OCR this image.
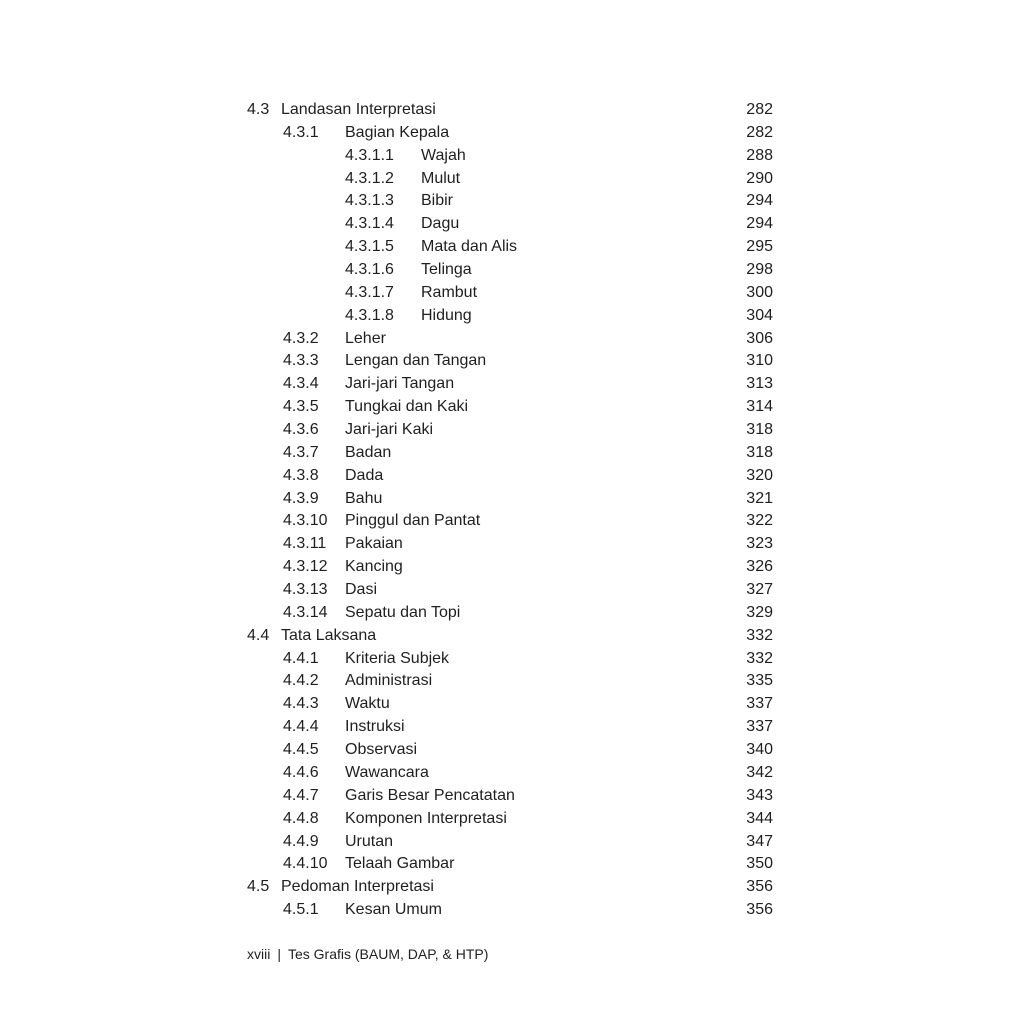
4.3 Landasan Interpretasi	282
4.3.1	Bagian Kepala	282
4.3.1.1	Wajah	288
4.3.1.2	Mulut	290
4.3.1.3	Bibir	294
4.3.1.4	Dagu	294
4.3.1.5	Mata dan Alis	295
4.3.1.6	Telinga	298
4.3.1.7	Rambut	300
4.3.1.8	Hidung	304
4.3.2	Leher	306
4.3.3	Lengan dan Tangan	310
4.3.4	Jari-jari Tangan	313
4.3.5	Tungkai dan Kaki	314
4.3.6	Jari-jari Kaki	318
4.3.7	Badan	318
4.3.8	Dada	320
4.3.9	Bahu	321
4.3.10	Pinggul dan Pantat	322
4.3.11	Pakaian	323
4.3.12	Kancing	326
4.3.13	Dasi	327
4.3.14	Sepatu dan Topi	329
4.4 Tata Laksana	332
4.4.1	Kriteria Subjek	332
4.4.2	Administrasi	335
4.4.3	Waktu	337
4.4.4	Instruksi	337
4.4.5	Observasi	340
4.4.6	Wawancara	342
4.4.7	Garis Besar Pencatatan	343
4.4.8	Komponen Interpretasi	344
4.4.9	Urutan	347
4.4.10	Telaah Gambar	350
4.5 Pedoman Interpretasi	356
4.5.1	Kesan Umum	356
xviii | Tes Grafis (BAUM, DAP, & HTP)
